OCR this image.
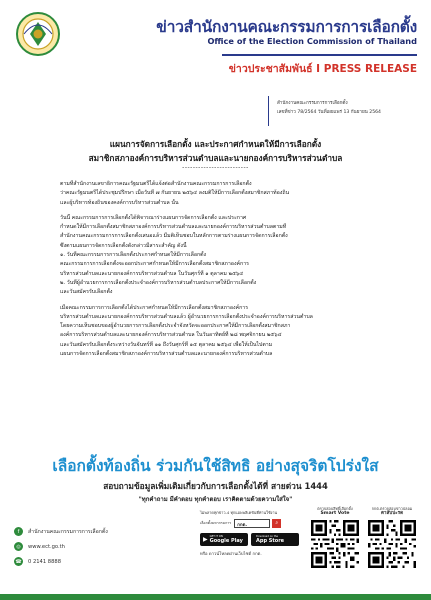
ข่าวสำนักงานคณะกรรมการการเลือกตั้ง
Office of the Election Commission of Thailand
ข่าวประชาสัมพันธ์ I PRESS RELEASE
สำนักงานคณะกรรมการการเลือกตั้ง
เลขที่ข่าว 78/2564 วันที่เผยแพร่ 13 กันยายน 2564
แผนการจัดการเลือกตั้ง และประกาศกำหนดให้มีการเลือกตั้ง
สมาชิกสภาองค์การบริหารส่วนตำบลและนายกองค์การบริหารส่วนตำบล
-------------------------

ตามที่สำนักงานเลขาธิการคณะรัฐมนตรีได้แจ้งต่อสำนักงานคณะกรรมการการเลือกตั้ง

ว่าคณะรัฐมนตรีได้ประชุมปรึกษา เมื่อวันที่ ๗ กันยายน ๒๕๖๔ ลงมติให้มีการเลือกตั้งสมาชิกสภาท้องถิ่น

และผู้บริหารท้องถิ่นของคงค์การบริหารส่วนตำบล นั้น

วันนี้ คณะกรรมการการเลือกตั้งได้พิจารณาร่างแผนการจัดการเลือกตั้ง และประกาศ

กำหนดให้มีการเลือกตั้งสมาชิกสภาองค์การบริหารส่วนตำบลและนายกองค์การบริหารส่วนตำบลตามที่

สำนักงานคณะกรรมการการเลือกตั้งเสนอแล้ว มีมติเห็นชอบในหลักการตามร่างแผนการจัดการเลือกตั้ง

ซึ่งตามแผนการจัดการเลือกตั้งดังกล่าวมีสาระสำคัญ ดังนี้

๑. วันที่คณะกรรมการการเลือกตั้งประกาศกำหนดให้มีการเลือกตั้ง

คณะกรรมการการเลือกตั้งจะออกประกาศกำหนดให้มีการเลือกตั้งสมาชิกสภาองค์การ

บริหารส่วนตำบลและนายกองค์การบริหารส่วนตำบล ในวันศุกร์ที่ ๑ ตุลาคม ๒๕๖๔

๒. วันที่ผู้อำนวยการการเลือกตั้งประจำองค์การบริหารส่วนตำบลประกาศให้มีการเลือกตั้ง

และวันสมัครรับเลือกตั้ง

เมื่อคณะกรรมการการเลือกตั้งได้ประกาศกำหนดให้มีการเลือกตั้งสมาชิกสภาองค์การ

บริหารส่วนตำบลและนายกองค์การบริหารส่วนตำบลแล้ว ผู้อำนวยการการเลือกตั้งประจำองค์การบริหารส่วนตำบล

โดยความเห็นชอบของผู้อำนวยการการเลือกตั้งประจำจังหวัดจะออกประกาศให้มีการเลือกตั้งสมาชิกสภา

องค์การบริหารส่วนตำบลและนายกองค์การบริหารส่วนตำบล ในวันอาทิตย์ที่ ๒๘ พฤศจิกายน ๒๕๖๔

และวันสมัครรับเลือกตั้งระหว่างวันจันทร์ที่ ๑๑ ถึงวันศุกร์ที่ ๑๕ ตุลาคม ๒๕๖๔ เพื่อให้เป็นไปตาม

แผนการจัดการเลือกตั้งสมาชิกสภาองค์การบริหารส่วนตำบลและนายกองค์การบริหารส่วนตำบล

เลือกตั้งท้องถิ่น ร่วมกันใช้สิทธิ อย่างสุจริตโปร่งใส
สอบถามข้อมูลเพิ่มเติมเกี่ยวกับการเลือกตั้งได้ที่ สายด่วน 1444
"ทุกคำถาม มีคำตอบ ทุกคำตอบ เราคิดตามด้วยความใส่ใจ"
f	สำนักงานคณะกรรมการการเลือกตั้ง
◎	www.ect.go.th
☎ 0 2141 8888
ไม่พลาดทุกข่าว-4 ทุกแอพพลิเคชันที่ท่านใช้งาน
เลือกตั้งมหากรมการ	กกต.	⌕
▶ GET IT ON
Google Play
Download on the
App Store
หรือ ดาวน์โหลดผ่านเว็บไซต์ กกต.
ตรวจสอบสิทธิ์เลือกตั้ง
Smart Vote
กกต.ตรวจสอบข่าวปลอม
ตาสับปะรด
